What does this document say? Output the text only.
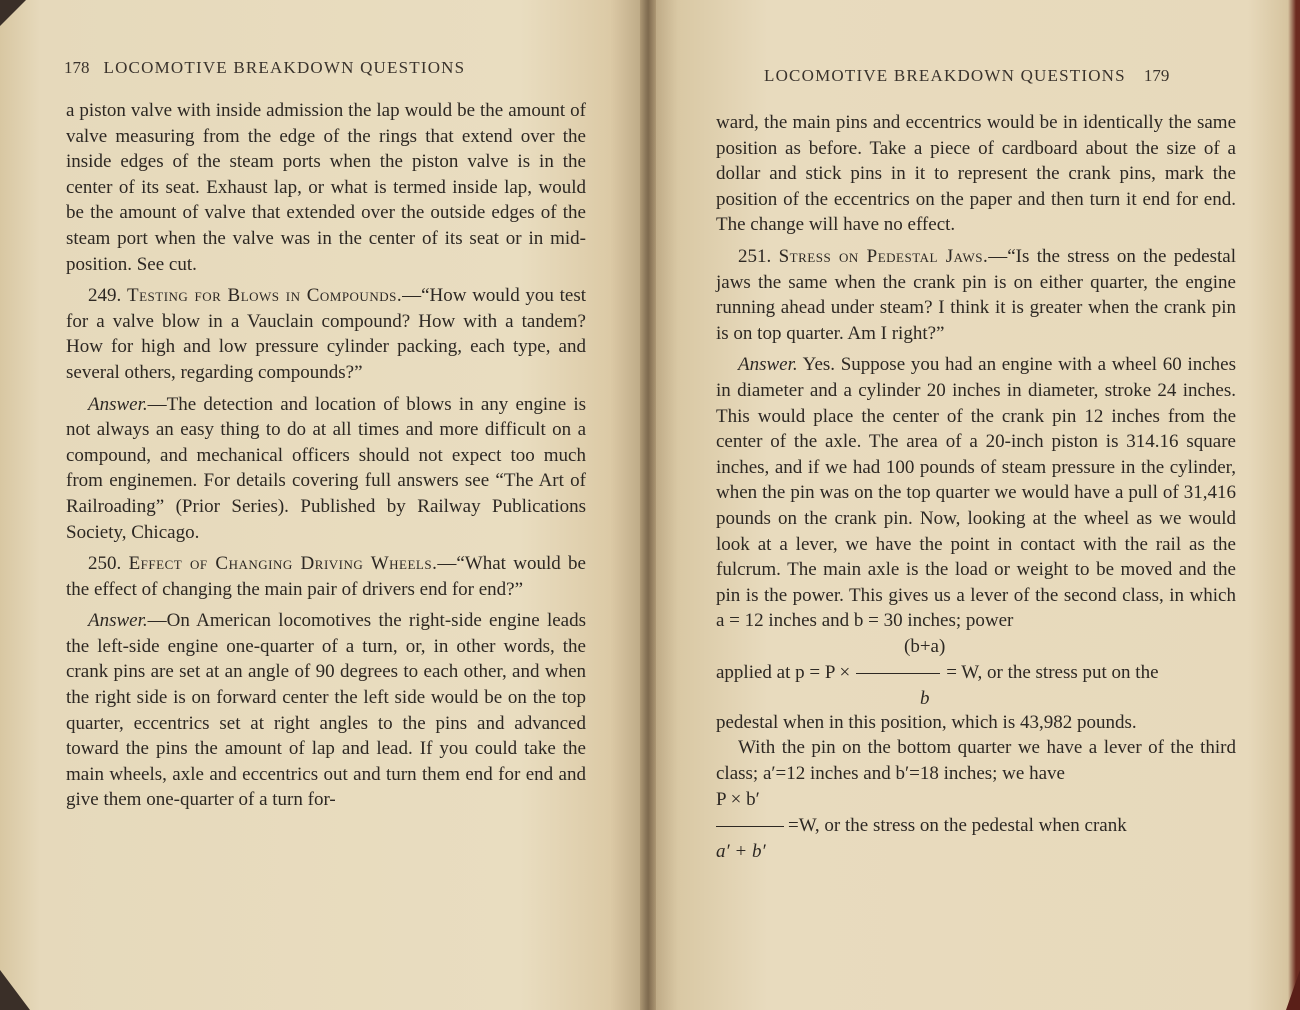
178 LOCOMOTIVE BREAKDOWN QUESTIONS

a piston valve with inside admission the lap would be the amount of valve measuring from the edge of the rings that extend over the inside edges of the steam ports when the piston valve is in the center of its seat. Exhaust lap, or what is termed inside lap, would be the amount of valve that extended over the outside edges of the steam port when the valve was in the center of its seat or in mid-position. See cut.

249. Testing for Blows in Compounds.—“How would you test for a valve blow in a Vauclain compound? How with a tandem? How for high and low pressure cylinder packing, each type, and several others, regarding compounds?”

Answer.—The detection and location of blows in any engine is not always an easy thing to do at all times and more difficult on a compound, and mechanical officers should not expect too much from enginemen. For details covering full answers see “The Art of Railroading” (Prior Series). Published by Railway Publications Society, Chicago.

250. Effect of Changing Driving Wheels.—“What would be the effect of changing the main pair of drivers end for end?”

Answer.—On American locomotives the right-side engine leads the left-side engine one-quarter of a turn, or, in other words, the crank pins are set at an angle of 90 degrees to each other, and when the right side is on forward center the left side would be on the top quarter, eccentrics set at right angles to the pins and advanced toward the pins the amount of lap and lead. If you could take the main wheels, axle and eccentrics out and turn them end for end and give them one-quarter of a turn for-

LOCOMOTIVE BREAKDOWN QUESTIONS 179

ward, the main pins and eccentrics would be in identically the same position as before. Take a piece of cardboard about the size of a dollar and stick pins in it to represent the crank pins, mark the position of the eccentrics on the paper and then turn it end for end. The change will have no effect.

251. Stress on Pedestal Jaws.—“Is the stress on the pedestal jaws the same when the crank pin is on either quarter, the engine running ahead under steam? I think it is greater when the crank pin is on top quarter. Am I right?”

Answer. Yes. Suppose you had an engine with a wheel 60 inches in diameter and a cylinder 20 inches in diameter, stroke 24 inches. This would place the center of the crank pin 12 inches from the center of the axle. The area of a 20-inch piston is 314.16 square inches, and if we had 100 pounds of steam pressure in the cylinder, when the pin was on the top quarter we would have a pull of 31,416 pounds on the crank pin. Now, looking at the wheel as we would look at a lever, we have the point in contact with the rail as the fulcrum. The main axle is the load or weight to be moved and the pin is the power. This gives us a lever of the second class, in which a = 12 inches and b = 30 inches; power

(b+a)
applied at p = P ×	= W, or the stress put on the
b

pedestal when in this position, which is 43,982 pounds.

With the pin on the bottom quarter we have a lever of the third class; a′=12 inches and b′=18 inches; we have

P × b′
=W, or the stress on the pedestal when crank
a′ + b′
